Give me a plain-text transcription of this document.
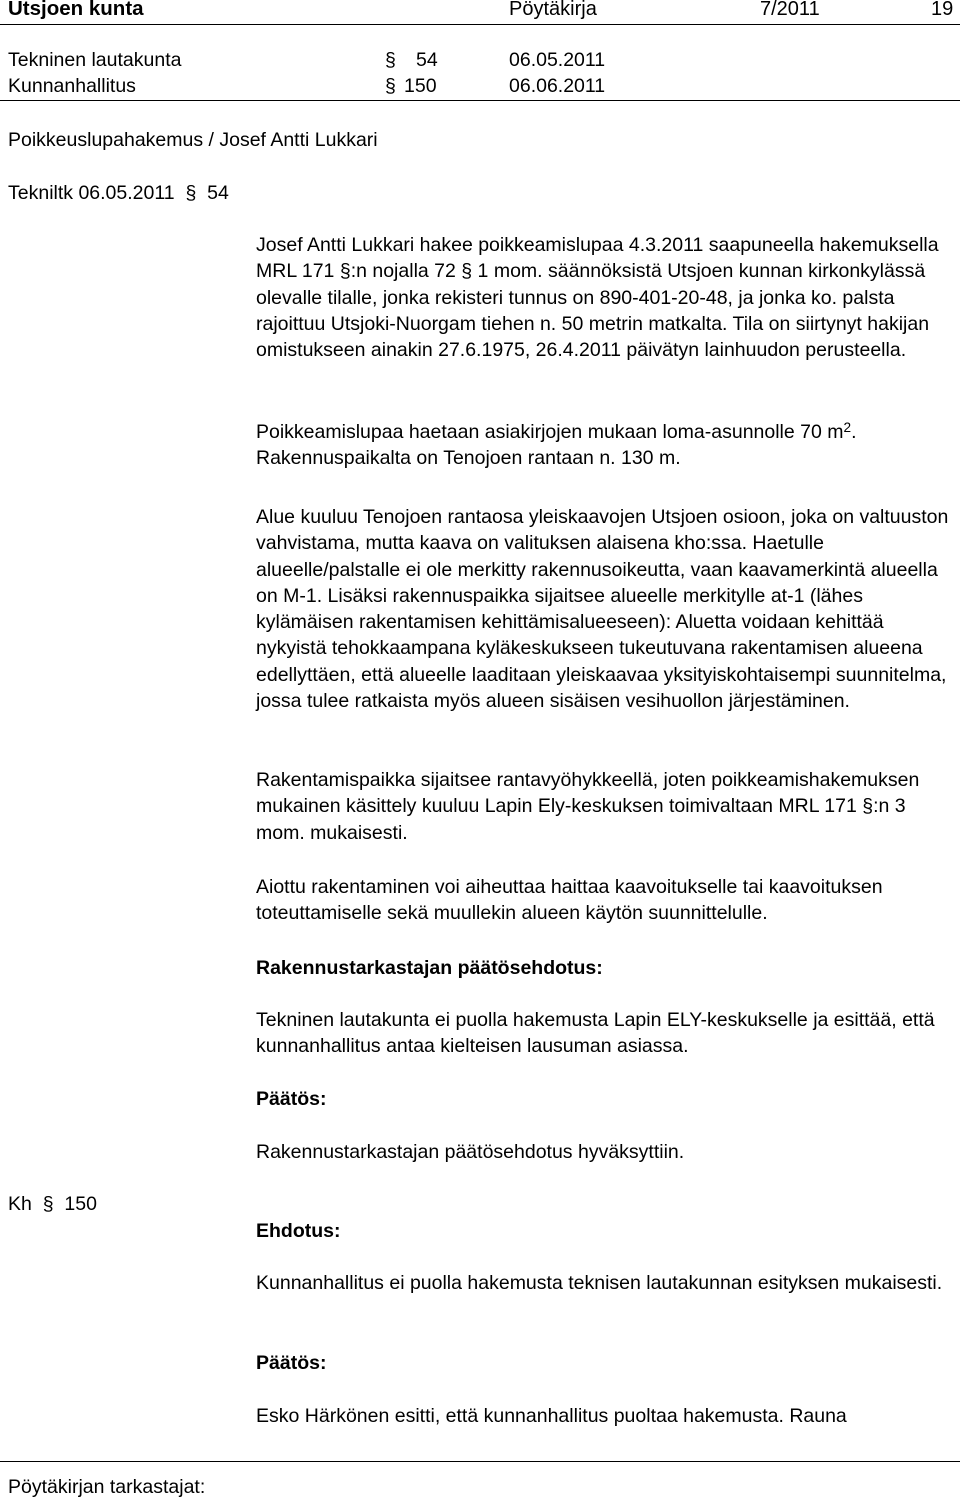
Utsjoen kunta	Pöytäkirja	7/2011	19
Tekninen lautakunta	§ 54	06.05.2011
Kunnanhallitus	§ 150	06.06.2011
Poikkeuslupahakemus / Josef Antti Lukkari
Tekniltk 06.05.2011 § 54

Josef Antti Lukkari hakee poikkeamislupaa 4.3.2011 saapuneella hakemuksella MRL 171 §:n nojalla 72 § 1 mom. säännöksistä Utsjoen kunnan kirkonkylässä olevalle tilalle, jonka rekisteri tunnus on 890-401-20-48, ja jonka ko. palsta rajoittuu Utsjoki-Nuorgam tiehen n. 50 metrin matkalta. Tila on siirtynyt hakijan omistukseen ainakin 27.6.1975, 26.4.2011 päivätyn lainhuudon perusteella.

Poikkeamislupaa haetaan asiakirjojen mukaan loma-asunnolle 70 $m^2$. Rakennuspaikalta on Tenojoen rantaan n. 130 m.

Alue kuuluu Tenojoen rantaosa yleiskaavojen Utsjoen osioon, joka on valtuuston vahvistama, mutta kaava on valituksen alaisena kho:ssa. Haetulle alueelle/palstalle ei ole merkitty rakennusoikeutta, vaan kaavamerkintä alueella on M-1. Lisäksi rakennuspaikka sijaitsee alueelle merkitylle at-1 (lähes kylämäisen rakentamisen kehittämisalueeseen): Aluetta voidaan kehittää nykyistä tehokkaampana kyläkeskukseen tukeutuvana rakentamisen alueena edellyttäen, että alueelle laaditaan yleiskaavaa yksityiskohtaisempi suunnitelma, jossa tulee ratkaista myös alueen sisäisen vesihuollon järjestäminen.

Rakentamispaikka sijaitsee rantavyöhykkeellä, joten poikkeamishakemuksen mukainen käsittely kuuluu Lapin Ely-keskuksen toimivaltaan MRL 171 §:n 3 mom. mukaisesti.

Aiottu rakentaminen voi aiheuttaa haittaa kaavoitukselle tai kaavoituksen toteuttamiselle sekä muullekin alueen käytön suunnittelulle.

Rakennustarkastajan päätösehdotus:

Tekninen lautakunta ei puolla hakemusta Lapin ELY-keskukselle ja esittää, että kunnanhallitus antaa kielteisen lausuman asiassa.

Päätös:

Rakennustarkastajan päätösehdotus hyväksyttiin.

Kh § 150
Ehdotus:

Kunnanhallitus ei puolla hakemusta teknisen lautakunnan esityksen mukaisesti.

Päätös:

Esko Härkönen esitti, että kunnanhallitus puoltaa hakemusta. Rauna

Pöytäkirjan tarkastajat:
